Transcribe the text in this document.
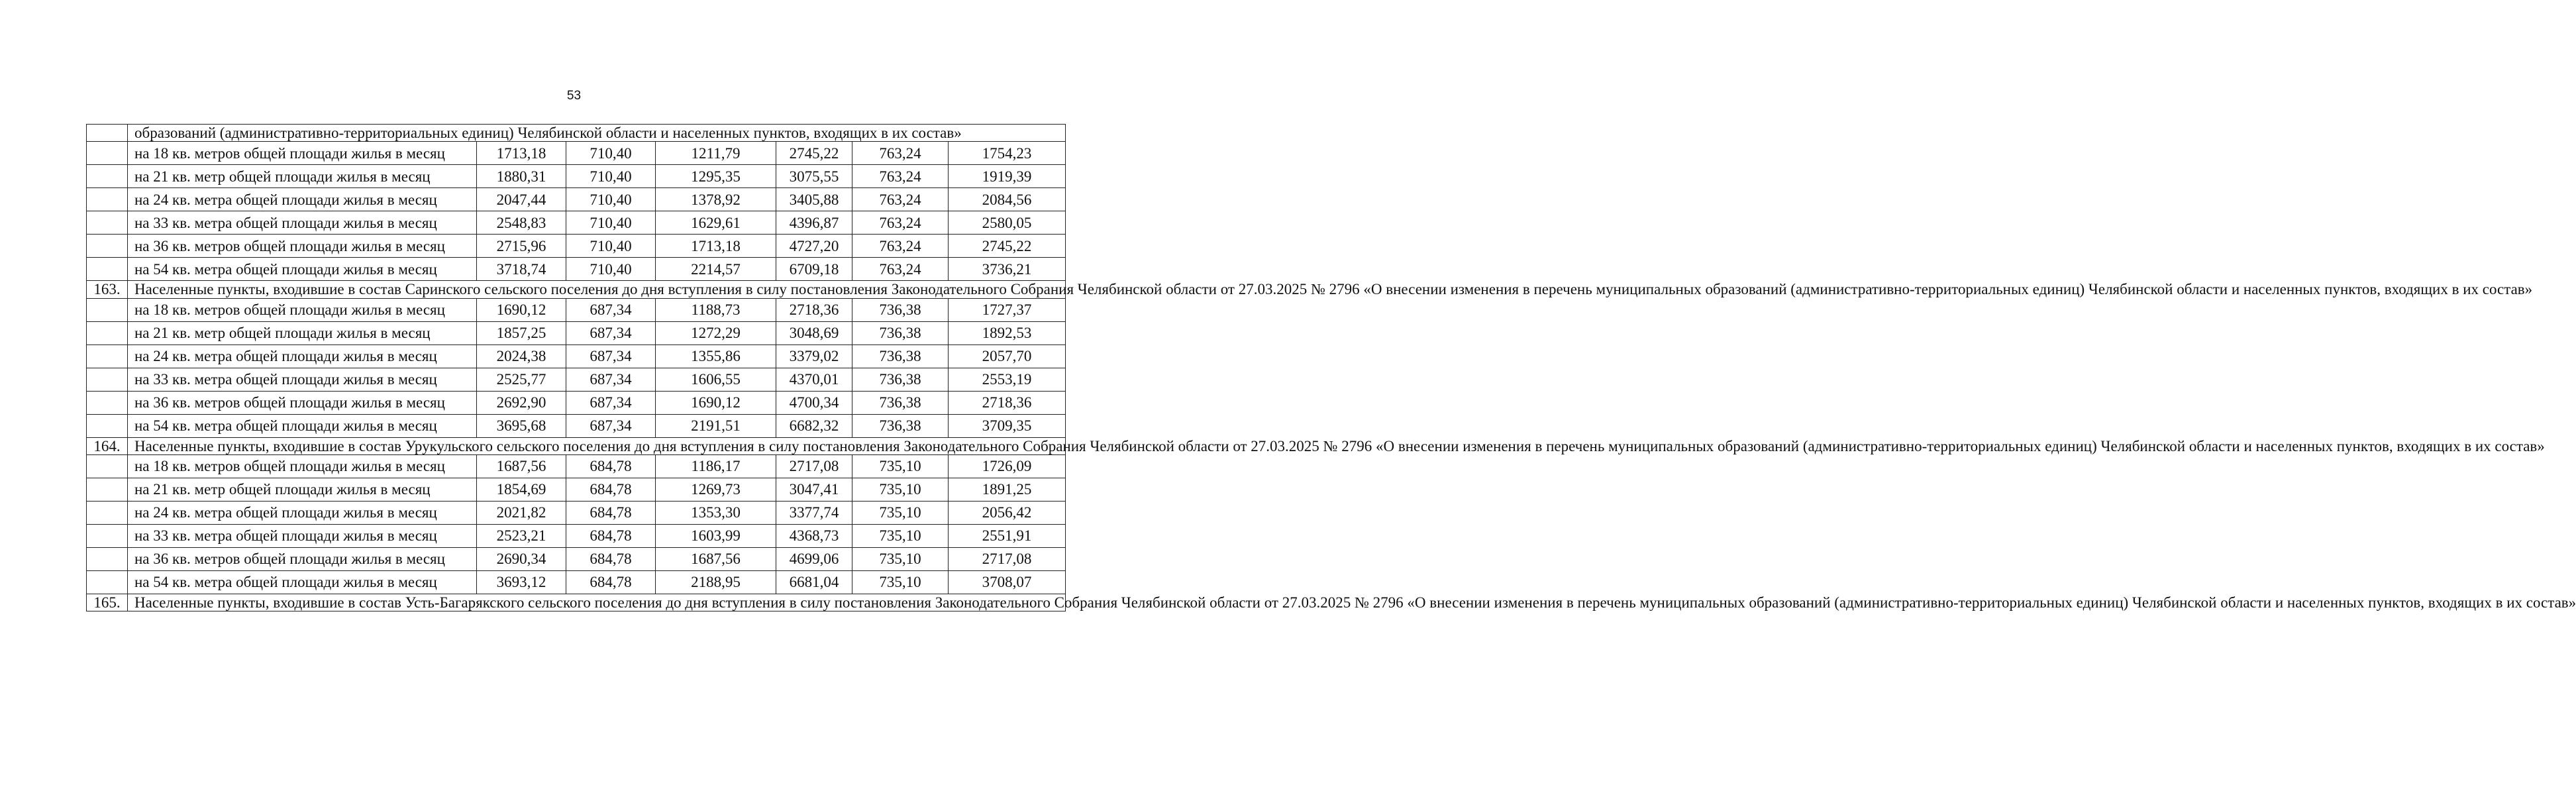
53
	образований (административно-территориальных единиц) Челябинской области и населенных пунктов, входящих в их состав»						
	на 18 кв. метров общей площади жилья в месяц	1713,18	710,40	1211,79	2745,22	763,24	1754,23
	на 21 кв. метр общей площади жилья в месяц	1880,31	710,40	1295,35	3075,55	763,24	1919,39
	на 24 кв. метра общей площади жилья в месяц	2047,44	710,40	1378,92	3405,88	763,24	2084,56
	на 33 кв. метра общей площади жилья в месяц	2548,83	710,40	1629,61	4396,87	763,24	2580,05
	на 36 кв. метров общей площади жилья в месяц	2715,96	710,40	1713,18	4727,20	763,24	2745,22
	на 54 кв. метра общей площади жилья в месяц	3718,74	710,40	2214,57	6709,18	763,24	3736,21
163.	Населенные пункты, входившие в состав Саринского сельского поселения до дня вступления в силу постановления Законодательного Собрания Челябинской области от 27.03.2025 № 2796 «О внесении изменения в перечень муниципальных образований (административно-территориальных единиц) Челябинской области и населенных пунктов, входящих в их состав»						
	на 18 кв. метров общей площади жилья в месяц	1690,12	687,34	1188,73	2718,36	736,38	1727,37
	на 21 кв. метр общей площади жилья в месяц	1857,25	687,34	1272,29	3048,69	736,38	1892,53
	на 24 кв. метра общей площади жилья в месяц	2024,38	687,34	1355,86	3379,02	736,38	2057,70
	на 33 кв. метра общей площади жилья в месяц	2525,77	687,34	1606,55	4370,01	736,38	2553,19
	на 36 кв. метров общей площади жилья в месяц	2692,90	687,34	1690,12	4700,34	736,38	2718,36
	на 54 кв. метра общей площади жилья в месяц	3695,68	687,34	2191,51	6682,32	736,38	3709,35
164.	Населенные пункты, входившие в состав Урукульского сельского поселения до дня вступления в силу постановления Законодательного Собрания Челябинской области от 27.03.2025 № 2796 «О внесении изменения в перечень муниципальных образований (административно-территориальных единиц) Челябинской области и населенных пунктов, входящих в их состав»						
	на 18 кв. метров общей площади жилья в месяц	1687,56	684,78	1186,17	2717,08	735,10	1726,09
	на 21 кв. метр общей площади жилья в месяц	1854,69	684,78	1269,73	3047,41	735,10	1891,25
	на 24 кв. метра общей площади жилья в месяц	2021,82	684,78	1353,30	3377,74	735,10	2056,42
	на 33 кв. метра общей площади жилья в месяц	2523,21	684,78	1603,99	4368,73	735,10	2551,91
	на 36 кв. метров общей площади жилья в месяц	2690,34	684,78	1687,56	4699,06	735,10	2717,08
	на 54 кв. метра общей площади жилья в месяц	3693,12	684,78	2188,95	6681,04	735,10	3708,07
165.	Населенные пункты, входившие в состав Усть-Багарякского сельского поселения до дня вступления в силу постановления Законодательного Собрания Челябинской области от 27.03.2025 № 2796 «О внесении изменения в перечень муниципальных образований (административно-территориальных единиц) Челябинской области и населенных пунктов, входящих в их состав»						
